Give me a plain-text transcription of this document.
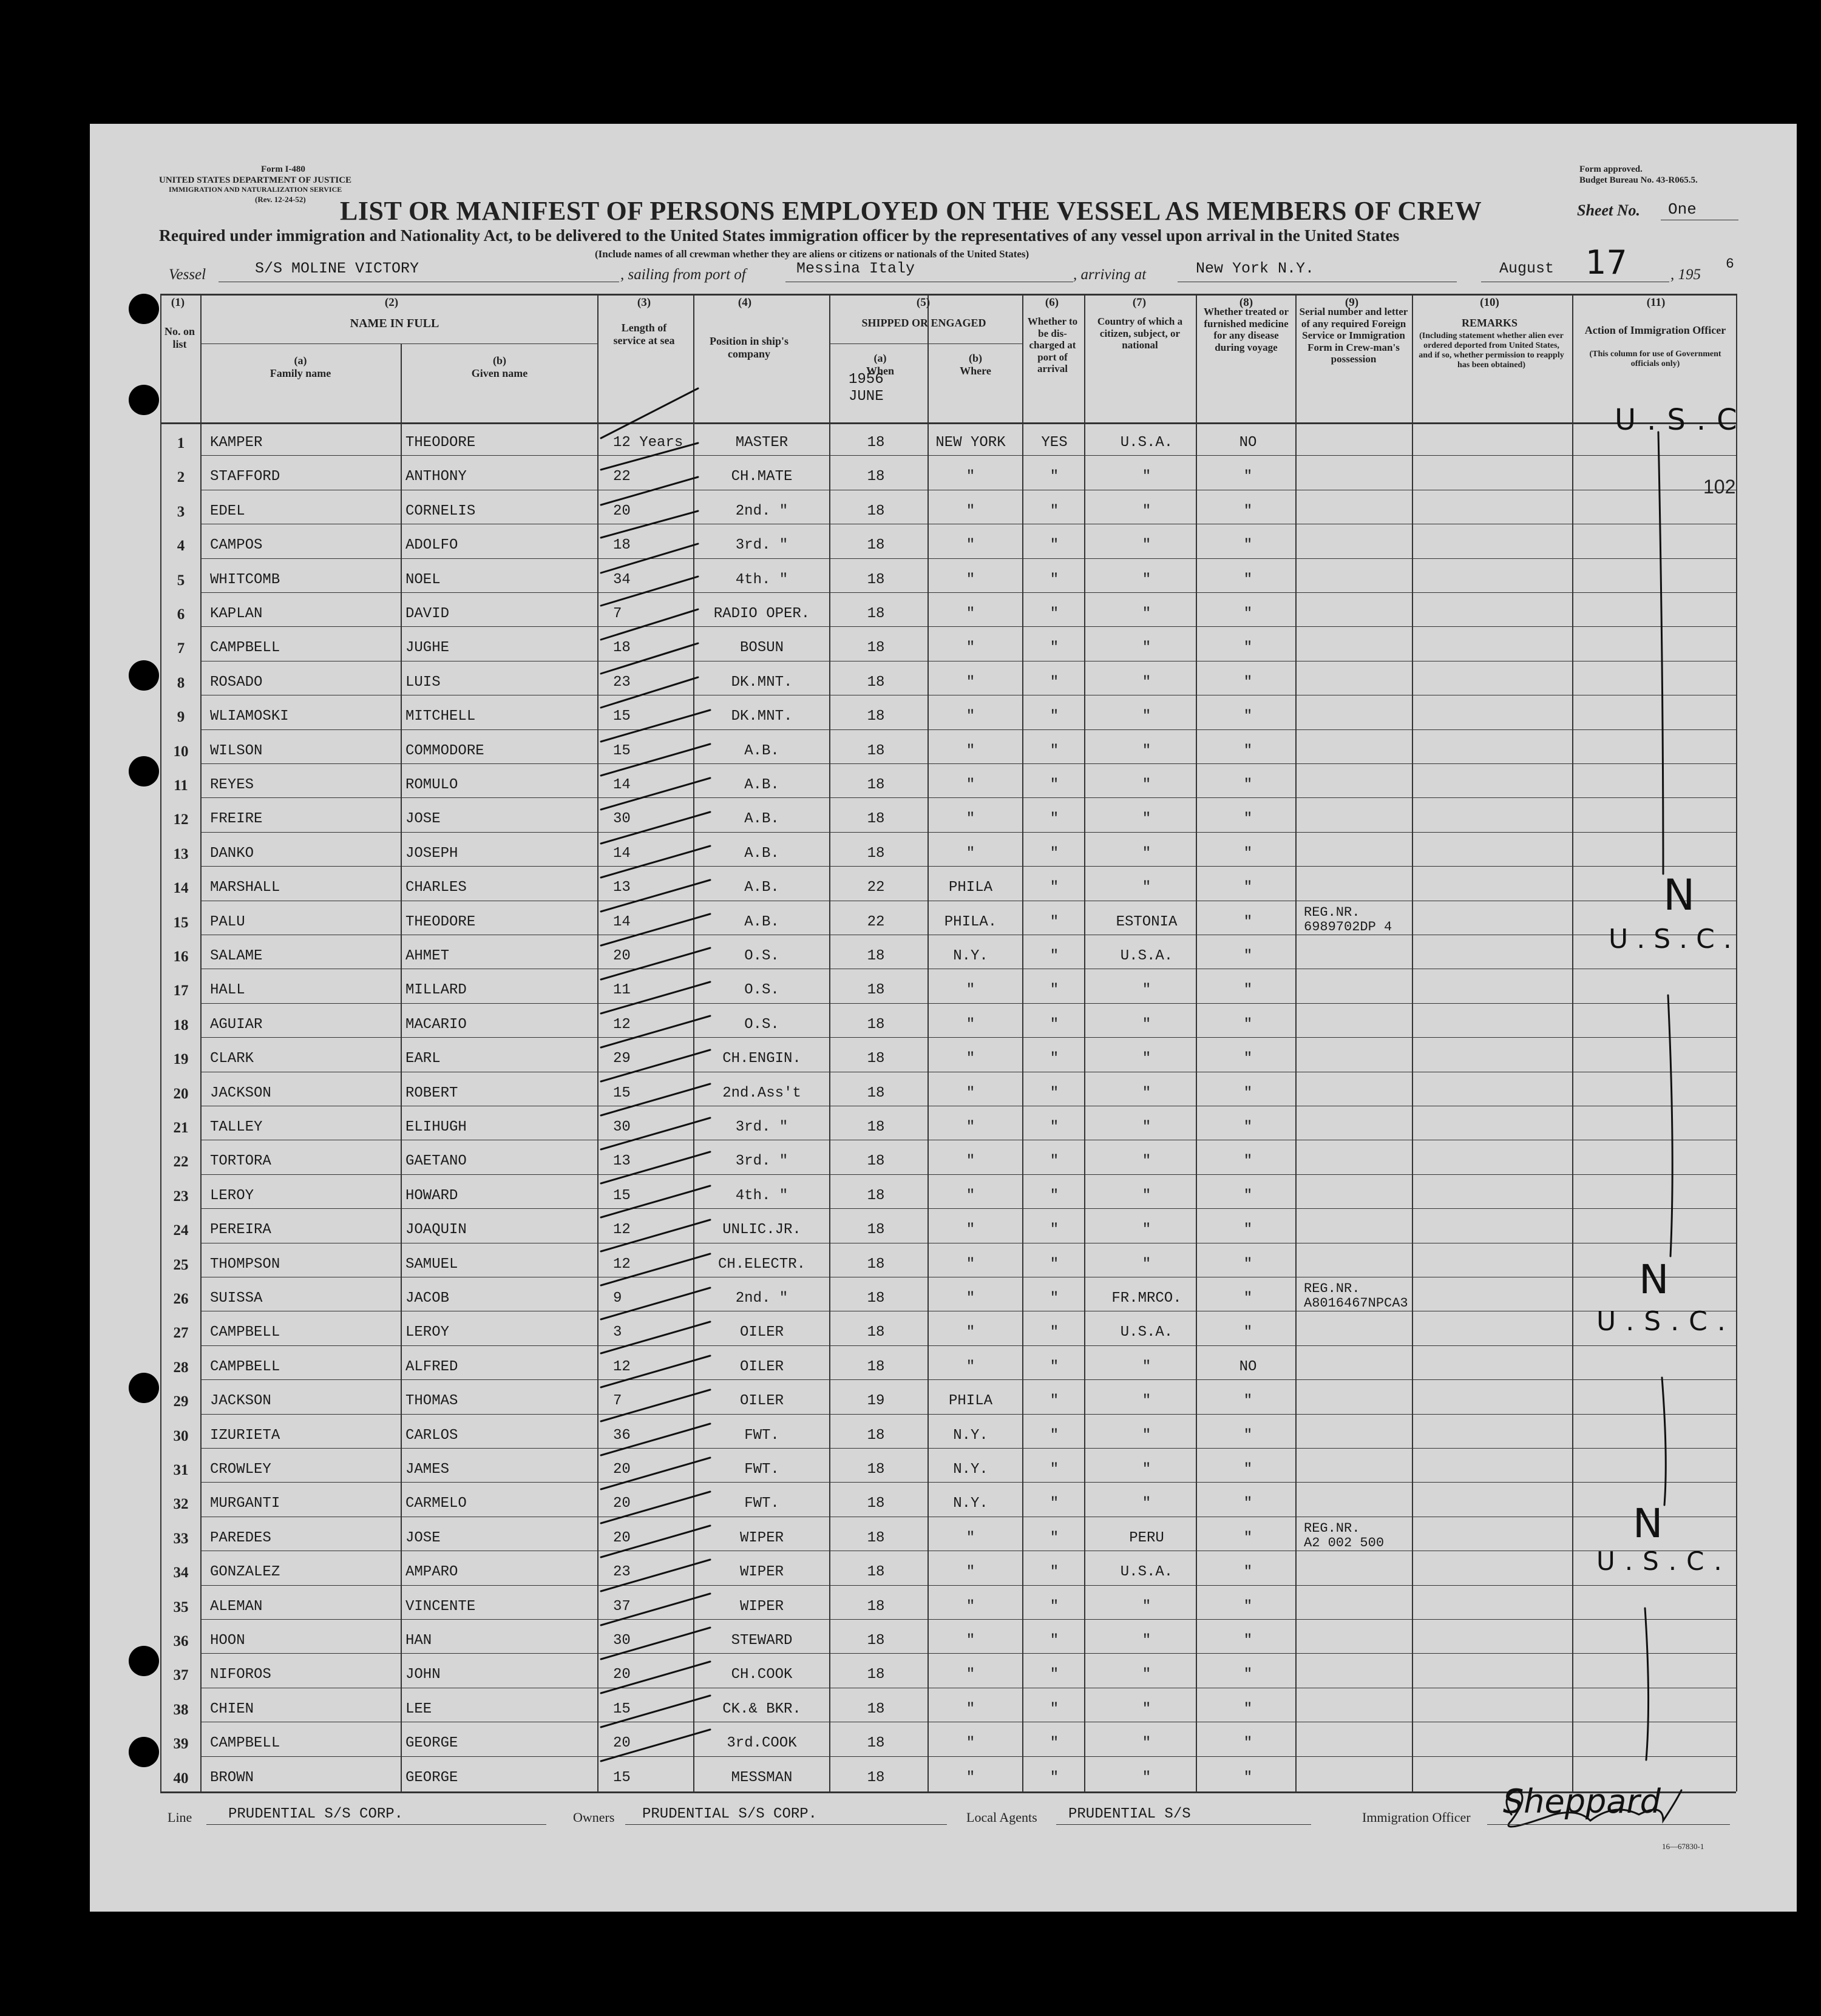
Form I-480
UNITED STATES DEPARTMENT OF JUSTICE
IMMIGRATION AND NATURALIZATION SERVICE
(Rev. 12-24-52)
Form approved.
Budget Bureau No. 43-R065.5.
LIST OR MANIFEST OF PERSONS EMPLOYED ON THE VESSEL AS MEMBERS OF CREW	Sheet No. One
Required under immigration and Nationality Act, to be delivered to the United States immigration officer by the representatives of any vessel upon arrival in the United States
(Include names of all crewman whether they are aliens or citizens or nationals of the United States)
Vessel	S/S MOLINE VICTORY	, sailing from port of	Messina Italy	, arriving at	New York N.Y.	August 17	, 195
6
(1)
No. on list
(2)
NAME IN FULL
(a)
Family name
(b)
Given name
(3)
Length of service at sea
(4)
Position in ship's company
(5)
SHIPPED OR ENGAGED
(a)
When
1956
JUNE
(b)
Where
(6)
Whether to be dis-charged at port of arrival
(7)
Country of which a citizen, subject, or national
(8)
Whether treated or furnished medicine for any disease during voyage
(9)
Serial number and letter of any required Foreign Service or Immigration Form in Crew-man's possession
(10)
REMARKS
(Including statement whether alien ever ordered deported from United States, and if so, whether permission to reapply has been obtained)
(11)
Action of Immigration Officer
(This column for use of Government officials only)
1	KAMPER	THEODORE	12 Years	MASTER	18	NEW YORK	YES	U.S.A.	NO
2	STAFFORD	ANTHONY	22	CH.MATE	18	"	"	"	"
3	EDEL	CORNELIS	20	2nd. "	18	"	"	"	"
4	CAMPOS	ADOLFO	18	3rd. "	18	"	"	"	"
5	WHITCOMB	NOEL	34	4th. "	18	"	"	"	"
6	KAPLAN	DAVID	7	RADIO OPER.	18	"	"	"	"
7	CAMPBELL	JUGHE	18	BOSUN	18	"	"	"	"
8	ROSADO	LUIS	23	DK.MNT.	18	"	"	"	"
9	WLIAMOSKI	MITCHELL	15	DK.MNT.	18	"	"	"	"
10	WILSON	COMMODORE	15	A.B.	18	"	"	"	"
11	REYES	ROMULO	14	A.B.	18	"	"	"	"
12	FREIRE	JOSE	30	A.B.	18	"	"	"	"
13	DANKO	JOSEPH	14	A.B.	18	"	"	"	"
14	MARSHALL	CHARLES	13	A.B.	22	PHILA	"	"	"
15	PALU	THEODORE	14	A.B.	22	PHILA.	"	ESTONIA	"
REG.NR.
6989702DP 4
16	SALAME	AHMET	20	O.S.	18	N.Y.	"	U.S.A.	"
17	HALL	MILLARD	11	O.S.	18	"	"	"	"
18	AGUIAR	MACARIO	12	O.S.	18	"	"	"	"
19	CLARK	EARL	29	CH.ENGIN.	18	"	"	"	"
20	JACKSON	ROBERT	15	2nd.Ass't	18	"	"	"	"
21	TALLEY	ELIHUGH	30	3rd. "	18	"	"	"	"
22	TORTORA	GAETANO	13	3rd. "	18	"	"	"	"
23	LEROY	HOWARD	15	4th. "	18	"	"	"	"
24	PEREIRA	JOAQUIN	12	UNLIC.JR.	18	"	"	"	"
25	THOMPSON	SAMUEL	12	CH.ELECTR.	18	"	"	"	"
26	SUISSA	JACOB	9	2nd. "	18	"	"	FR.MRCO.	"
REG.NR.
A8016467NPCA3
27	CAMPBELL	LEROY	3	OILER	18	"	"	U.S.A.	"
28	CAMPBELL	ALFRED	12	OILER	18	"	"	"	NO
29	JACKSON	THOMAS	7	OILER	19	PHILA	"	"	"
30	IZURIETA	CARLOS	36	FWT.	18	N.Y.	"	"	"
31	CROWLEY	JAMES	20	FWT.	18	N.Y.	"	"	"
32	MURGANTI	CARMELO	20	FWT.	18	N.Y.	"	"	"
33	PAREDES	JOSE	20	WIPER	18	"	"	PERU	"
REG.NR.
A2 002 500
34	GONZALEZ	AMPARO	23	WIPER	18	"	"	U.S.A.	"
35	ALEMAN	VINCENTE	37	WIPER	18	"	"	"	"
36	HOON	HAN	30	STEWARD	18	"	"	"	"
37	NIFOROS	JOHN	20	CH.COOK	18	"	"	"	"
38	CHIEN	LEE	15	CK.& BKR.	18	"	"	"	"
39	CAMPBELL	GEORGE	20	3rd.COOK	18	"	"	"	"
40	BROWN	GEORGE	15	MESSMAN	18	"	"	"	"
U.S.C
102
N
U.S.C.
N
U.S.C.
N
U.S.C.
Line PRUDENTIAL S/S CORP.	Owners PRUDENTIAL S/S CORP.	Local Agents PRUDENTIAL S/S	Immigration Officer Sheppard
16—67830-1
